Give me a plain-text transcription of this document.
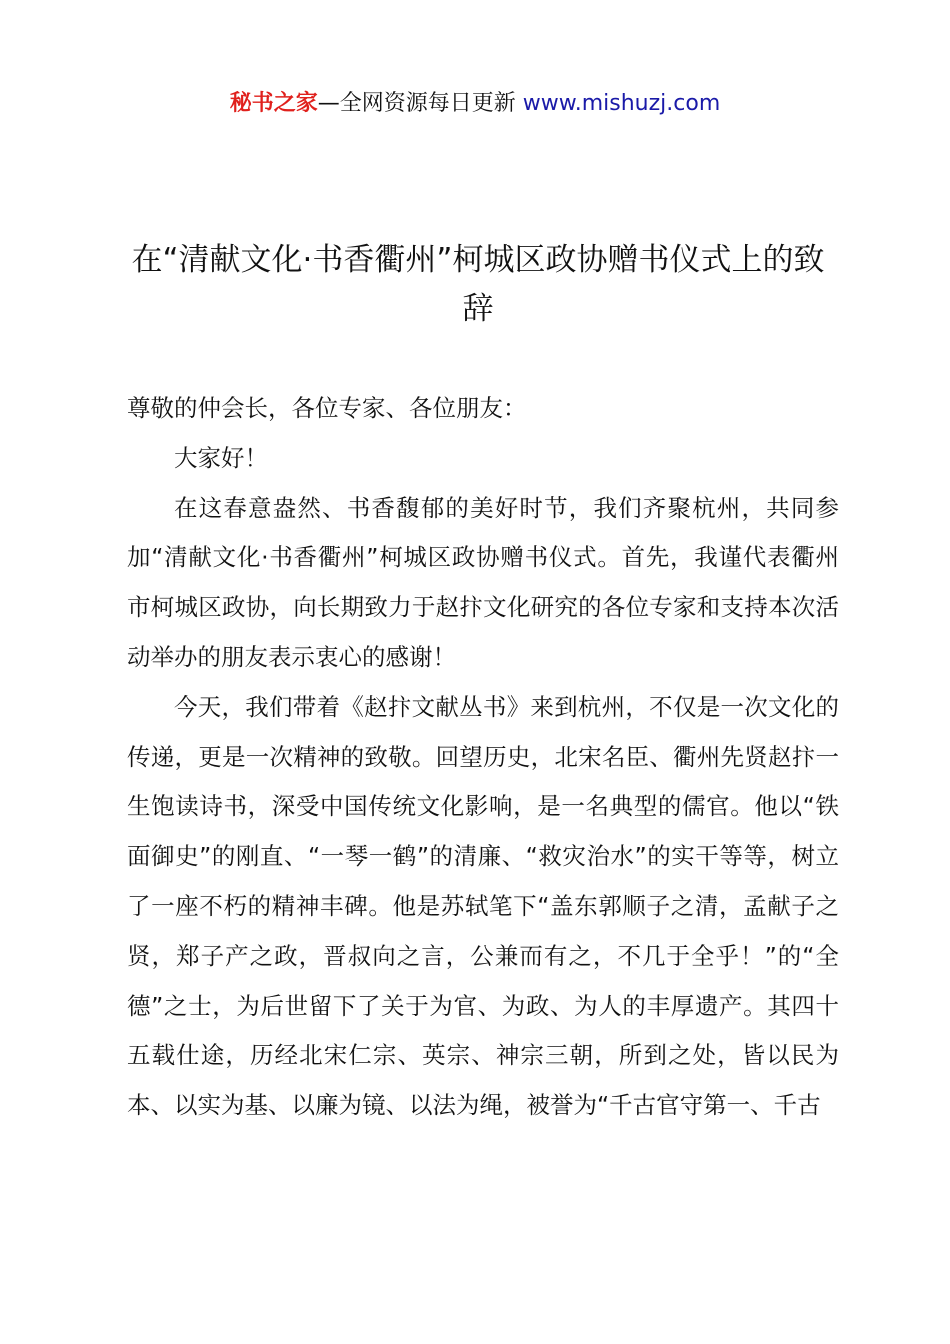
秘书之家—全网资源每日更新 www.mishuzj.com
在“清献文化·书香衢州”柯城区政协赠书仪式上的致辞

尊敬的仲会长，各位专家、各位朋友：

大家好！

在这春意盎然、书香馥郁的美好时节，我们齐聚杭州，共同参加“清献文化·书香衢州”柯城区政协赠书仪式。首先，我谨代表衢州市柯城区政协，向长期致力于赵抃文化研究的各位专家和支持本次活动举办的朋友表示衷心的感谢！

今天，我们带着《赵抃文献丛书》来到杭州，不仅是一次文化的传递，更是一次精神的致敬。回望历史，北宋名臣、衢州先贤赵抃一生饱读诗书，深受中国传统文化影响，是一名典型的儒官。他以“铁面御史”的刚直、“一琴一鹤”的清廉、“救灾治水”的实干等等，树立了一座不朽的精神丰碑。他是苏轼笔下“盖东郭顺子之清，孟献子之贤，郑子产之政，晋叔向之言，公兼而有之，不几于全乎！”的“全德”之士，为后世留下了关于为官、为政、为人的丰厚遗产。其四十五载仕途，历经北宋仁宗、英宗、神宗三朝，所到之处，皆以民为本、以实为基、以廉为镜、以法为绳，被誉为“千古官守第一、千古
